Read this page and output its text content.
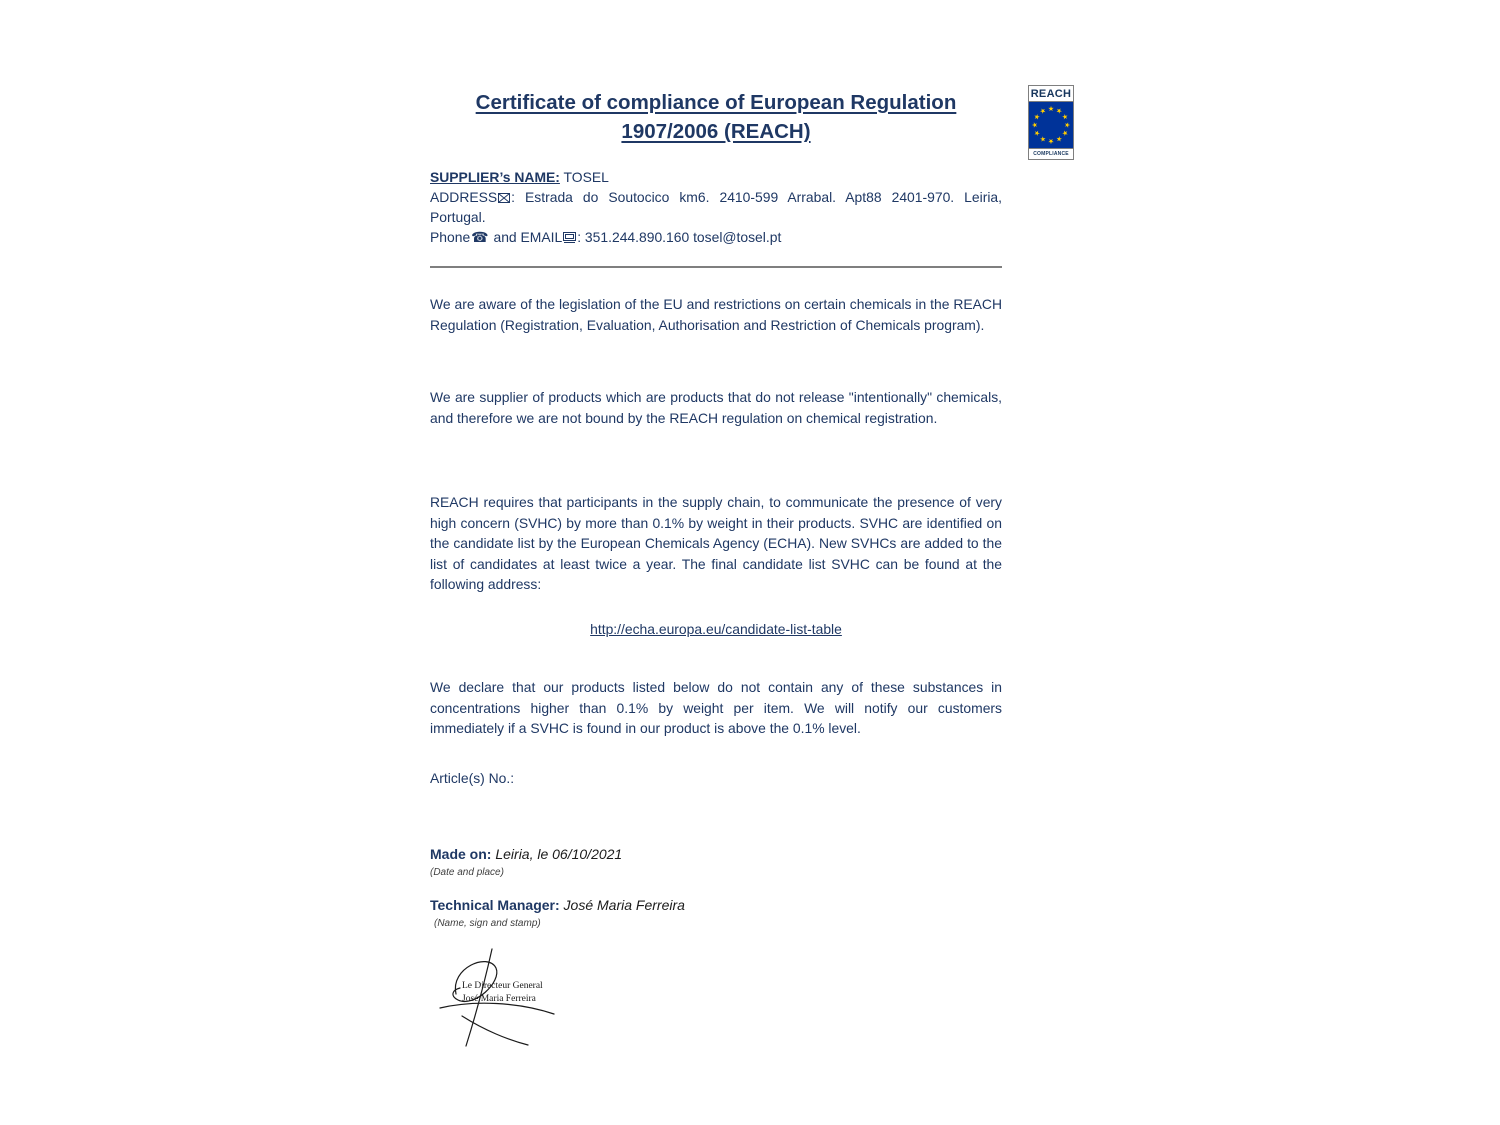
REACH
★ ★
★
★
★
★
★
★
★
★
★
★
COMPLIANCE
Certificate of compliance of European Regulation
1907/2006 (REACH)
SUPPLIER’s NAME: TOSEL
ADDRESS : Estrada do Soutocico km6. 2410-599 Arrabal. Apt88 2401-970. Leiria, Portugal.
Phone☎ and EMAIL : 351.244.890.160 tosel@tosel.pt

We are aware of the legislation of the EU and restrictions on certain chemicals in the REACH Regulation (Registration, Evaluation, Authorisation and Restriction of Chemicals program).

We are supplier of products which are products that do not release "intentionally" chemicals, and therefore we are not bound by the REACH regulation on chemical registration.

REACH requires that participants in the supply chain, to communicate the presence of very high concern (SVHC) by more than 0.1% by weight in their products. SVHC are identified on the candidate list by the European Chemicals Agency (ECHA). New SVHCs are added to the list of candidates at least twice a year. The final candidate list SVHC can be found at the following address:

http://echa.europa.eu/candidate-list-table

We declare that our products listed below do not contain any of these substances in concentrations higher than 0.1% by weight per item. We will notify our customers immediately if a SVHC is found in our product is above the 0.1% level.

Article(s) No.:
Made on: Leiria, le 06/10/2021
(Date and place)
Technical Manager: José Maria Ferreira
(Name, sign and stamp)
Le Directeur General
José Maria Ferreira
